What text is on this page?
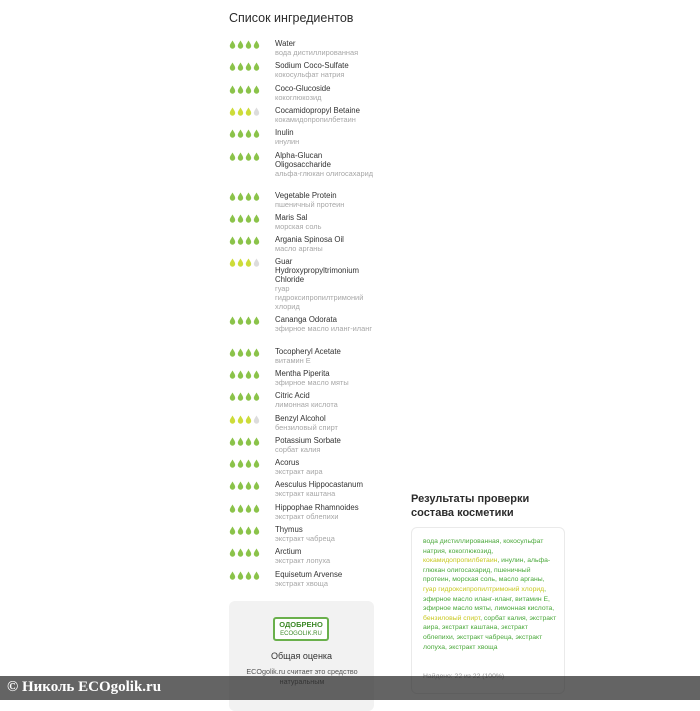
Список ингредиентов
Water
вода дистиллированная
Sodium Coco-Sulfate
кокосульфат натрия
Coco-Glucoside
кокоглюкозид
Cocamidopropyl Betaine
кокамидопропилбетаин
Inulin
инулин
Alpha-Glucan Oligosaccharide
альфа-глюкан олигосахарид
Vegetable Protein
пшеничный протеин
Maris Sal
морская соль
Argania Spinosa Oil
масло арганы
Guar Hydroxypropyltrimonium Chloride
гуар гидроксипропилтримоний хлорид
Cananga Odorata
эфирное масло иланг-иланг
Tocopheryl Acetate
витамин Е
Mentha Piperita
эфирное масло мяты
Citric Acid
лимонная кислота
Benzyl Alcohol
бензиловый спирт
Potassium Sorbate
сорбат калия
Acorus
экстракт аира
Aesculus Hippocastanum
экстракт каштана
Hippophae Rhamnoides
экстракт облепихи
Thymus
экстракт чабреца
Arctium
экстракт лопуха
Equisetum Arvense
экстракт хвоща
ОДОБРЕНО
ECOGOLIK.RU
Общая оценка
ECOgolik.ru считает это средство
Результаты проверки состава косметики
вода дистиллированная, кокосульфат натрия, кокоглюкозид, кокамидопропилбетаин, инулин, альфа-глюкан олигосахарид, пшеничный протеин, морская соль, масло арганы, гуар гидроксипропилтримоний хлорид, эфирное масло иланг-иланг, витамин Е, эфирное масло мяты, лимонная кислота, бензиловый спирт, сорбат калия, экстракт аира, экстракт каштана, экстракт облепихи, экстракт чабреца, экстракт лопуха, экстракт хвоща
© Николь ECOgolik.ru
